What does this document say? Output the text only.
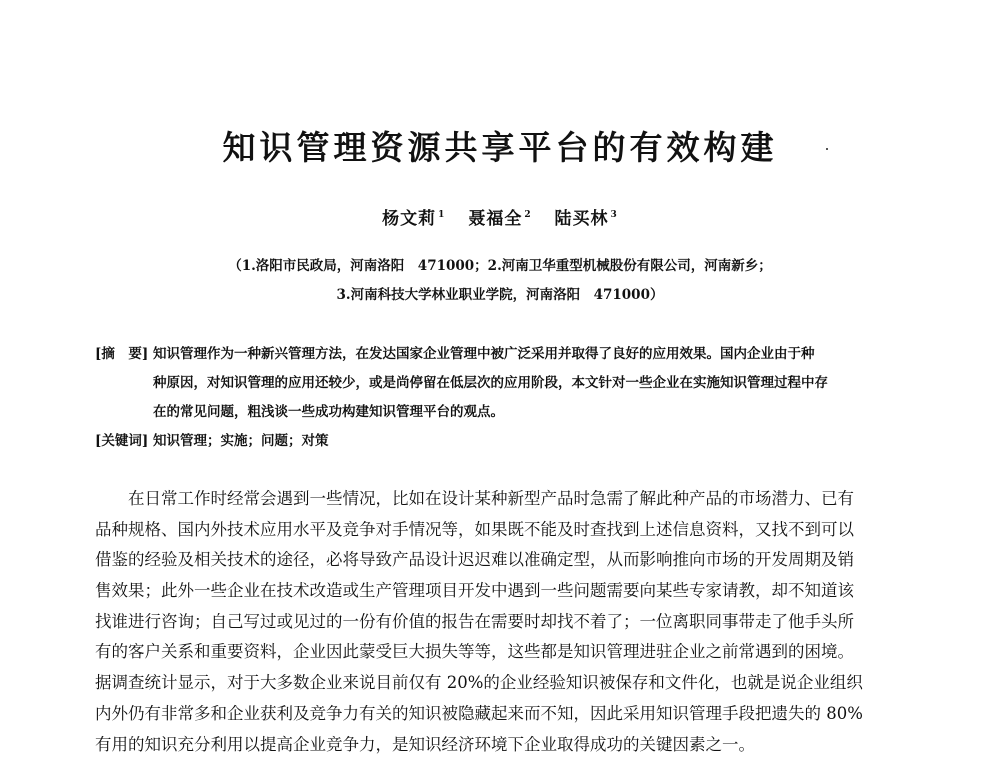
知识管理资源共享平台的有效构建
杨文莉 $^1$ 聂福全 $^2$ 陆买林 $^3$
（1.洛阳市民政局，河南洛阳　471000；2.河南卫华重型机械股份有限公司，河南新乡；
3.河南科技大学林业职业学院，河南洛阳　471000）
[摘　要] 知识管理作为一种新兴管理方法，在发达国家企业管理中被广泛采用并取得了良好的应用效果。国内企业由于种
种原因，对知识管理的应用还较少，或是尚停留在低层次的应用阶段，本文针对一些企业在实施知识管理过程中存
在的常见问题，粗浅谈一些成功构建知识管理平台的观点。
[关键词] 知识管理；实施；问题；对策
在日常工作时经常会遇到一些情况，比如在设计某种新型产品时急需了解此种产品的市场潜力、已有
品种规格、国内外技术应用水平及竞争对手情况等，如果既不能及时查找到上述信息资料，又找不到可以
借鉴的经验及相关技术的途径，必将导致产品设计迟迟难以准确定型，从而影响推向市场的开发周期及销
售效果；此外一些企业在技术改造或生产管理项目开发中遇到一些问题需要向某些专家请教，却不知道该
找谁进行咨询；自己写过或见过的一份有价值的报告在需要时却找不着了；一位离职同事带走了他手头所
有的客户关系和重要资料，企业因此蒙受巨大损失等等，这些都是知识管理进驻企业之前常遇到的困境。
据调查统计显示，对于大多数企业来说目前仅有 20%的企业经验知识被保存和文件化，也就是说企业组织
内外仍有非常多和企业获利及竞争力有关的知识被隐藏起来而不知，因此采用知识管理手段把遗失的 80%
有用的知识充分利用以提高企业竞争力，是知识经济环境下企业取得成功的关键因素之一。
